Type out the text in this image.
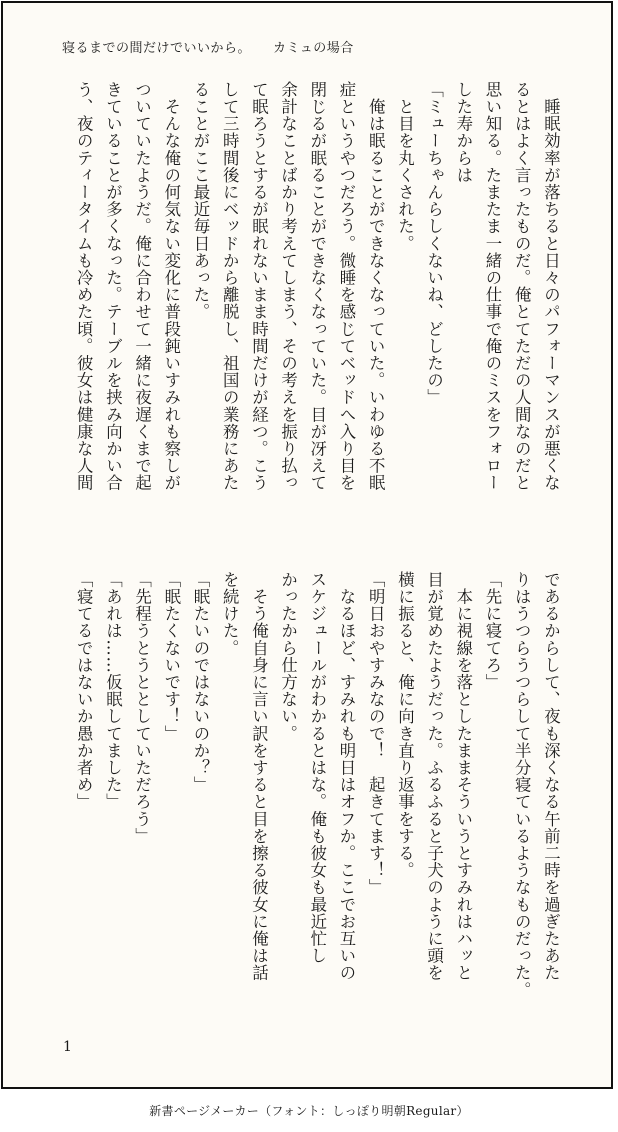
寝るまでの間だけでいいから。 カミュの場合
　睡眠効率が落ちると日々のパフォーマンスが悪くな
るとはよく言ったものだ。俺とてただの人間なのだと
思い知る。たまたま一緒の仕事で俺のミスをフォロー
した寿からは
「ミューちゃんらしくないね、どしたの」
　と目を丸くされた。
　俺は眠ることができなくなっていた。いわゆる不眠
症というやつだろう。微睡を感じてベッドへ入り目を
閉じるが眠ることができなくなっていた。目が冴えて
余計なことばかり考えてしまう、その考えを振り払っ
て眠ろうとするが眠れないまま時間だけが経つ。こう
して三時間後にベッドから離脱し、祖国の業務にあた
ることがここ最近毎日あった。
　そんな俺の何気ない変化に普段鈍いすみれも察しが
ついていたようだ。俺に合わせて一緒に夜遅くまで起
きていることが多くなった。テーブルを挟み向かい合
う、夜のティータイムも冷めた頃。彼女は健康な人間
であるからして、夜も深くなる午前二時を過ぎたあた
りはうつらうつらして半分寝ているようなものだった。
「先に寝てろ」
　本に視線を落としたままそういうとすみれはハッと
目が覚めたようだった。ふるふると子犬のように頭を
横に振ると、俺に向き直り返事をする。
「明日おやすみなので！　起きてます！」
　なるほど、すみれも明日はオフか。ここでお互いの
スケジュールがわかるとはな。俺も彼女も最近忙し
かったから仕方ない。
　そう俺自身に言い訳をすると目を擦る彼女に俺は話
を続けた。
「眠たいのではないのか？」
「眠たくないです！」
「先程うとうととしていただろう」
「あれは……仮眠してました」
「寝てるではないか愚か者め」
1
新書ページメーカー（フォント：しっぽり明朝Regular）
